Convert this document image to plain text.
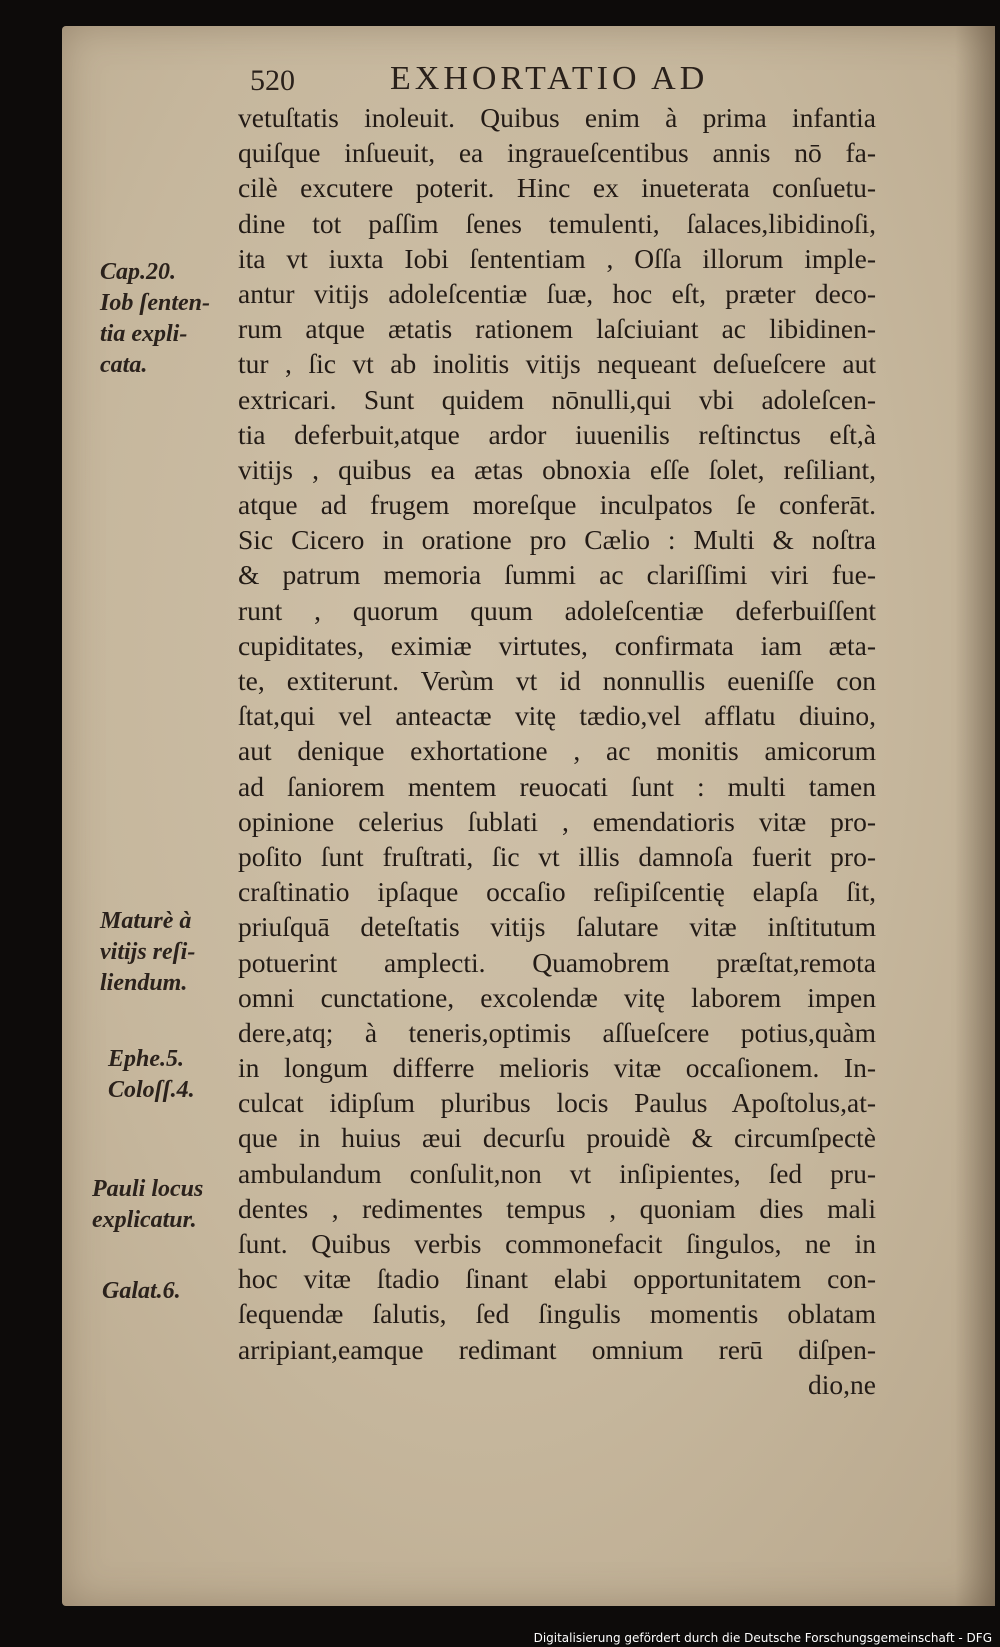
520	EXHORTATIO AD
vetuſtatis inoleuit. Quibus enim à prima infantia
quiſque inſueuit, ea ingraueſcentibus annis nō fa-
cilè excutere poterit. Hinc ex inueterata conſuetu-
dine tot paſſim ſenes temulenti, ſalaces,libidinoſi,
ita vt iuxta Iobi ſententiam , Oſſa illorum imple-
antur vitijs adoleſcentiæ ſuæ, hoc eſt, præter deco-
rum atque ætatis rationem laſciuiant ac libidinen-
tur , ſic vt ab inolitis vitijs nequeant deſueſcere aut
extricari. Sunt quidem nōnulli,qui vbi adoleſcen-
tia deferbuit,atque ardor iuuenilis reſtinctus eſt,à
vitijs , quibus ea ætas obnoxia eſſe ſolet, reſiliant,
atque ad frugem moreſque inculpatos ſe conferāt.
Sic Cicero in oratione pro Cælio : Multi & noſtra
& patrum memoria ſummi ac clariſſimi viri fue-
runt , quorum quum adoleſcentiæ deferbuiſſent
cupiditates, eximiæ virtutes, confirmata iam æta-
te, extiterunt. Verùm vt id nonnullis eueniſſe con
ſtat,qui vel anteactæ vitę tædio,vel afflatu diuino,
aut denique exhortatione , ac monitis amicorum
ad ſaniorem mentem reuocati ſunt : multi tamen
opinione celerius ſublati , emendatioris vitæ pro-
poſito ſunt fruſtrati, ſic vt illis damnoſa fuerit pro-
craſtinatio ipſaque occaſio reſipiſcentię elapſa ſit,
priuſquā deteſtatis vitijs ſalutare vitæ inſtitutum
potuerint amplecti. Quamobrem præſtat,remota
omni cunctatione, excolendæ vitę laborem impen
dere,atq; à teneris,optimis aſſueſcere potius,quàm
in longum differre melioris vitæ occaſionem. In-
culcat idipſum pluribus locis Paulus Apoſtolus,at-
que in huius æui decurſu prouidè & circumſpectè
ambulandum conſulit,non vt inſipientes, ſed pru-
dentes , redimentes tempus , quoniam dies mali
ſunt. Quibus verbis commonefacit ſingulos, ne in
hoc vitæ ſtadio ſinant elabi opportunitatem con-
ſequendæ ſalutis, ſed ſingulis momentis oblatam
arripiant,eamque redimant omnium rerū diſpen-
dio,ne
Cap.20.
Iob ſenten-
tia expli-
cata.
Maturè à
vitijs reſi-
liendum.
Ephe.5.
Coloſſ.4.
Pauli locus
explicatur.
Galat.6.
Digitalisierung gefördert durch die Deutsche Forschungsgemeinschaft - DFG
